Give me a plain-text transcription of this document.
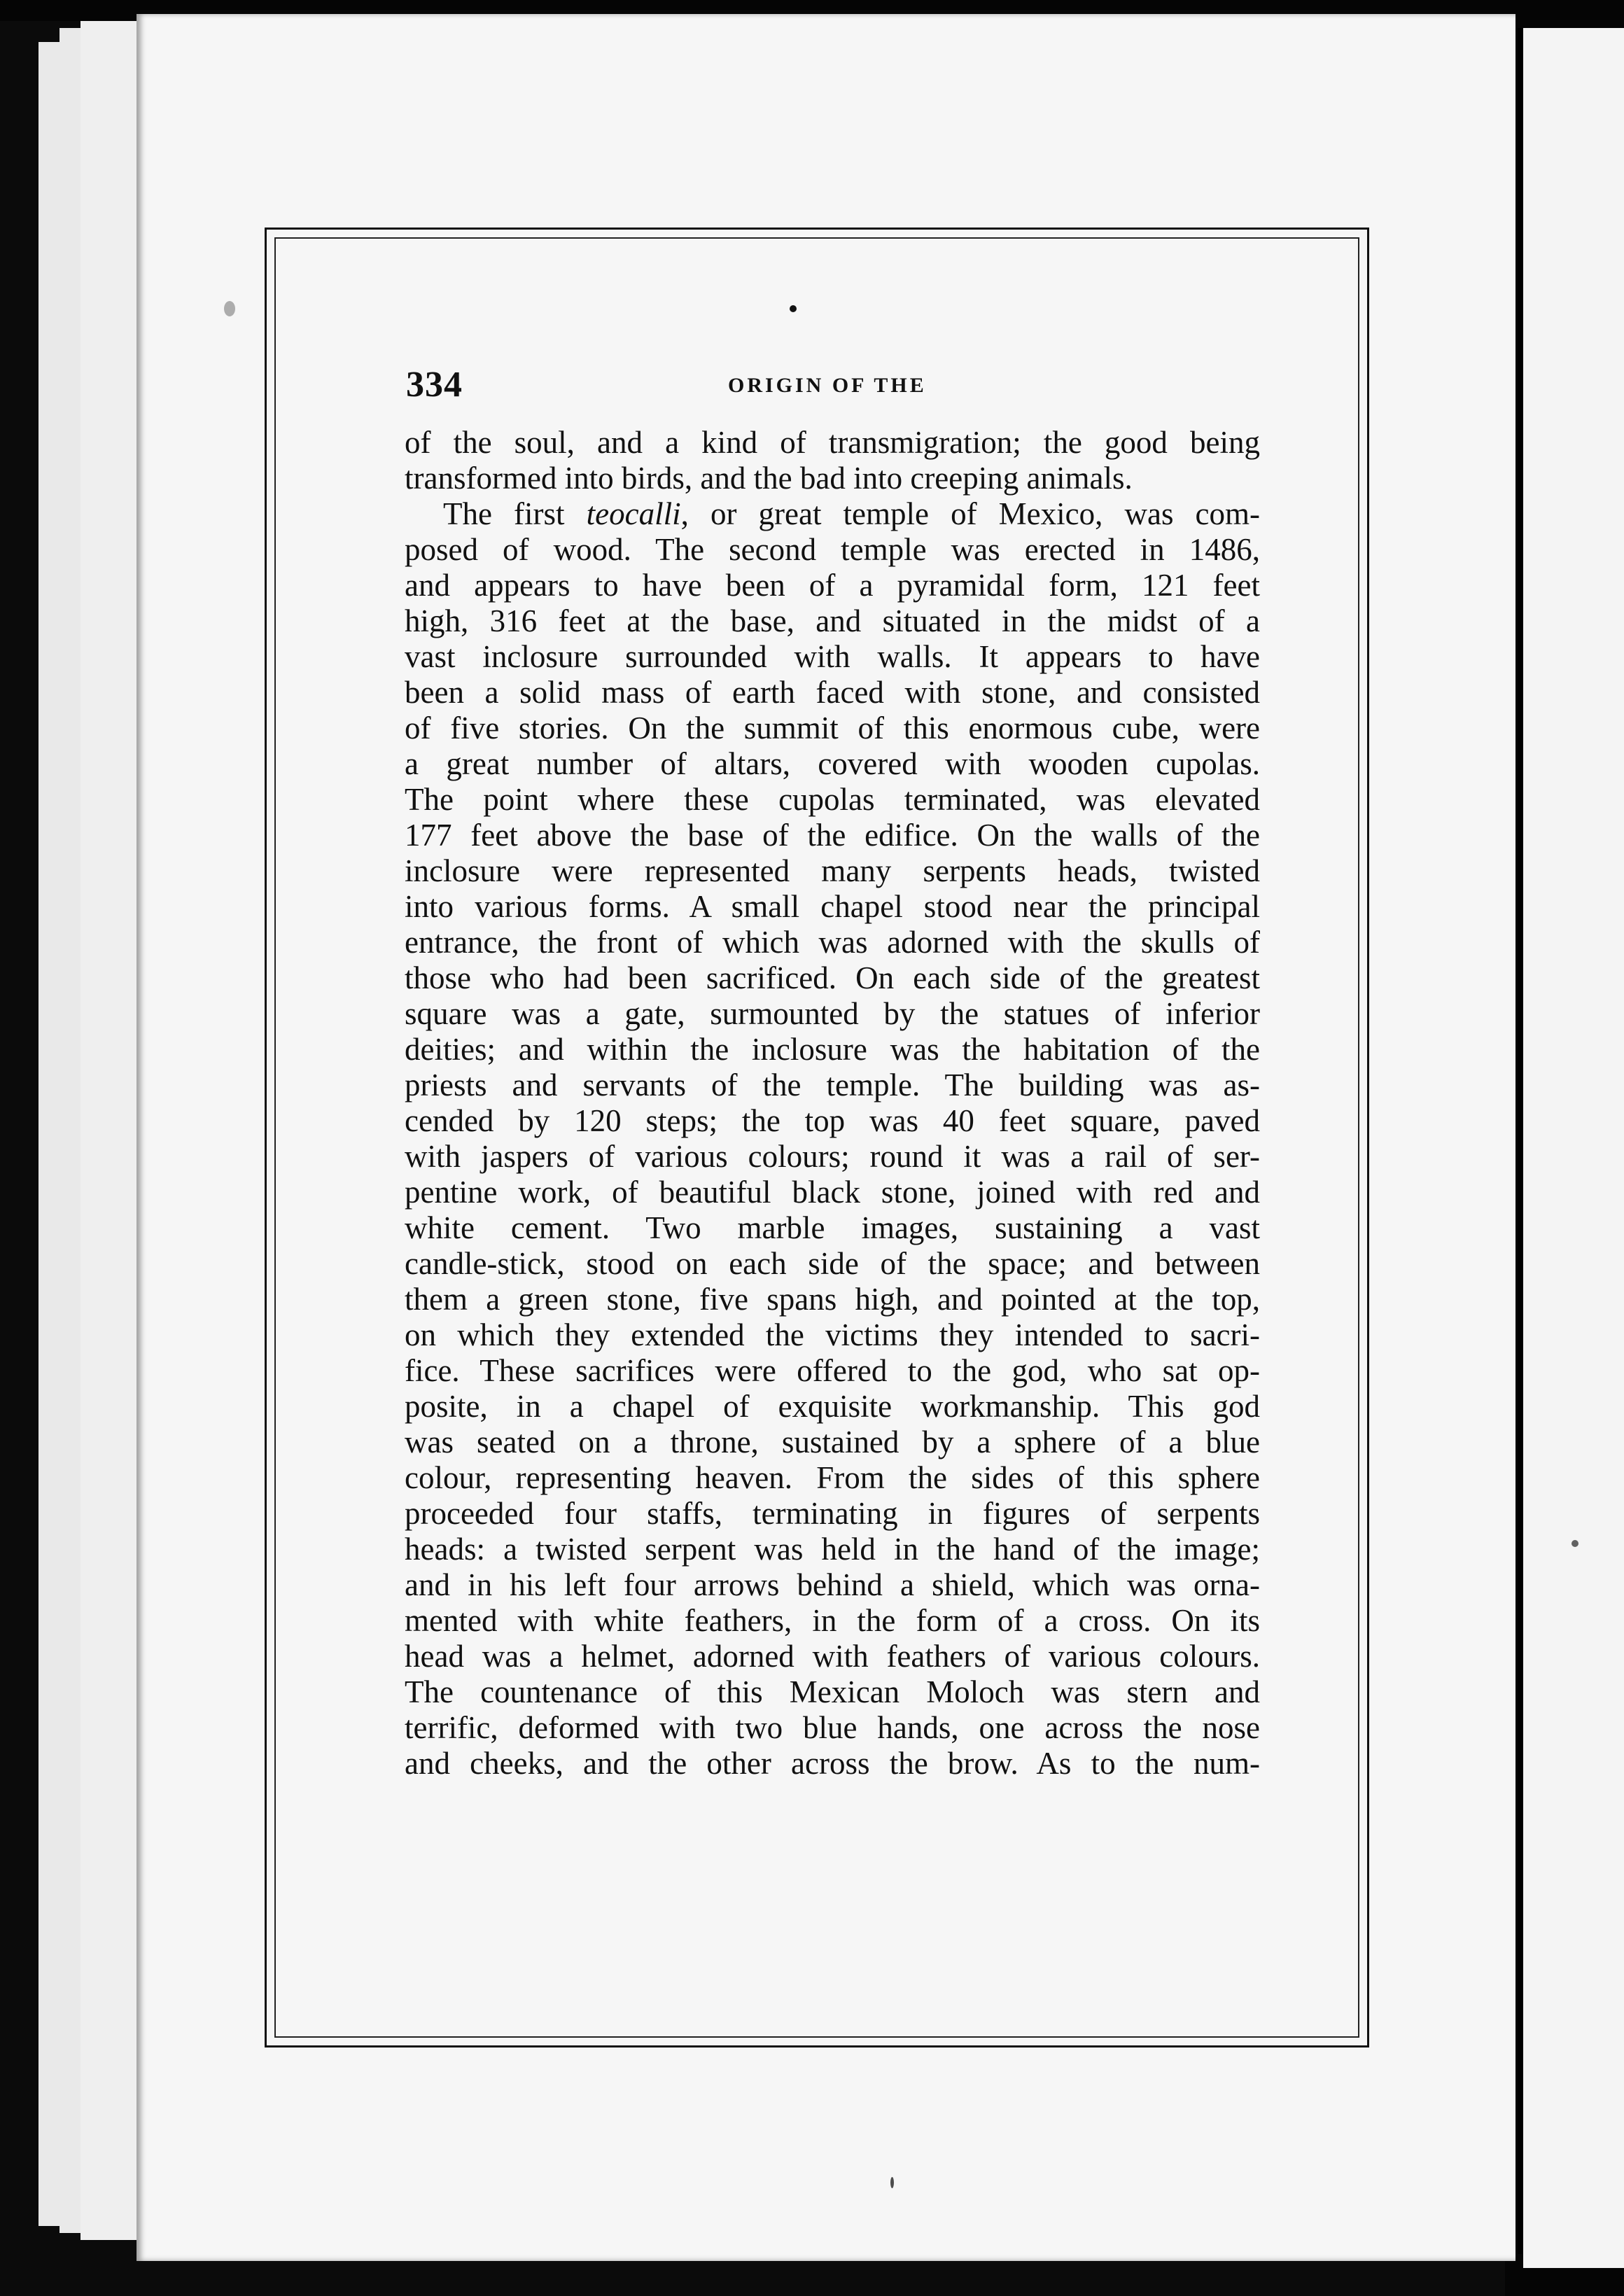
334	ORIGIN OF THE
of the soul, and a kind of transmigration; the good being
transformed into birds, and the bad into creeping animals.
The first teocalli, or great temple of Mexico, was com-
posed of wood. The second temple was erected in 1486,
and appears to have been of a pyramidal form, 121 feet
high, 316 feet at the base, and situated in the midst of a
vast inclosure surrounded with walls. It appears to have
been a solid mass of earth faced with stone, and consisted
of five stories. On the summit of this enormous cube, were
a great number of altars, covered with wooden cupolas.
The point where these cupolas terminated, was elevated
177 feet above the base of the edifice. On the walls of the
inclosure were represented many serpents heads, twisted
into various forms. A small chapel stood near the principal
entrance, the front of which was adorned with the skulls of
those who had been sacrificed. On each side of the greatest
square was a gate, surmounted by the statues of inferior
deities; and within the inclosure was the habitation of the
priests and servants of the temple. The building was as-
cended by 120 steps; the top was 40 feet square, paved
with jaspers of various colours; round it was a rail of ser-
pentine work, of beautiful black stone, joined with red and
white cement. Two marble images, sustaining a vast
candle-stick, stood on each side of the space; and between
them a green stone, five spans high, and pointed at the top,
on which they extended the victims they intended to sacri-
fice. These sacrifices were offered to the god, who sat op-
posite, in a chapel of exquisite workmanship. This god
was seated on a throne, sustained by a sphere of a blue
colour, representing heaven. From the sides of this sphere
proceeded four staffs, terminating in figures of serpents
heads: a twisted serpent was held in the hand of the image;
and in his left four arrows behind a shield, which was orna-
mented with white feathers, in the form of a cross. On its
head was a helmet, adorned with feathers of various colours.
The countenance of this Mexican Moloch was stern and
terrific, deformed with two blue hands, one across the nose
and cheeks, and the other across the brow. As to the num-
